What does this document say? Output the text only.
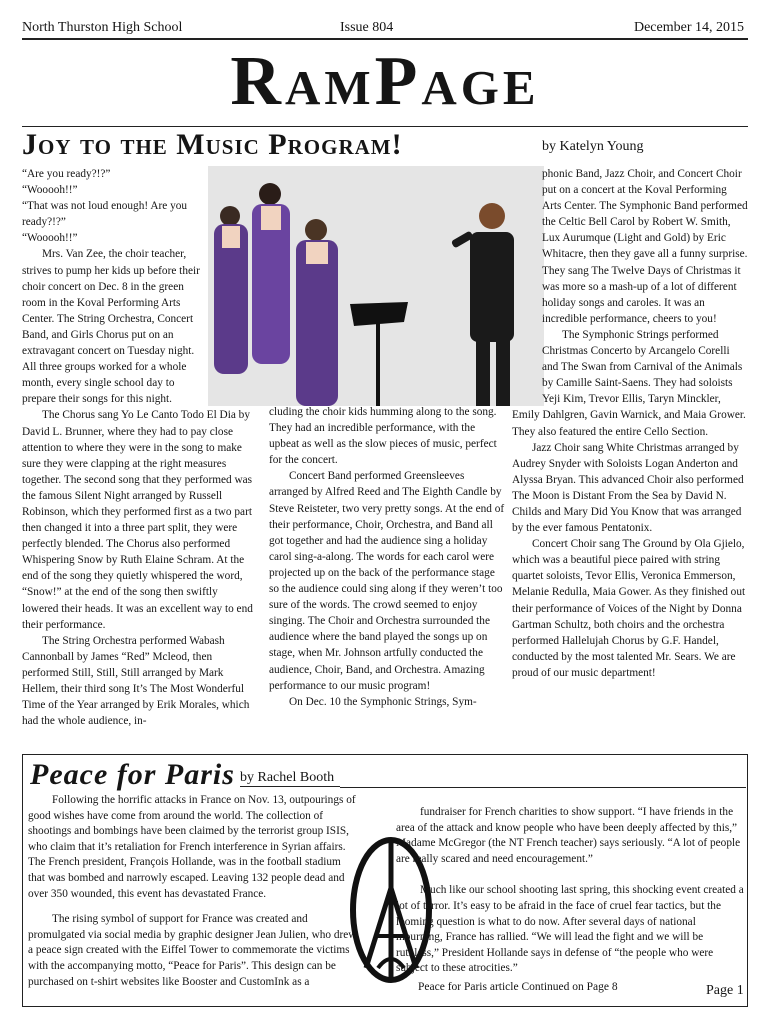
North Thurston High School	Issue 804	December 14, 2015
RamPage
Joy to the Music Program!	by Katelyn Young

“Are you ready?!?”

“Wooooh!!”

“That was not loud enough! Are you ready?!?”

“Wooooh!!”

Mrs. Van Zee, the choir teacher, strives to pump her kids up before their choir concert on Dec. 8 in the green room in the Koval Performing Arts Center. The String Orchestra, Concert Band, and Girls Chorus put on an extravagant concert on Tuesday night. All three groups worked for a whole month, every single school day to prepare their songs for this night.

The Chorus sang Yo Le Canto Todo El Dia by David L. Brunner, where they had to pay close attention to where they were in the song to make sure they were clapping at the right measures together. The second song that they performed was the famous Silent Night arranged by Russell Robinson, which they performed first as a two part then changed it into a three part split, they were perfectly blended. The Chorus also performed Whispering Snow by Ruth Elaine Schram. At the end of the song they quietly whispered the word, “Snow!” at the end of the song then swiftly lowered their heads. It was an excellent way to end their performance.

The String Orchestra performed Wabash Cannonball by James “Red” Mcleod, then performed Still, Still, Still arranged by Mark Hellem, their third song It’s The Most Wonderful Time of the Year arranged by Erik Morales, which had the whole audience, in-

cluding the choir kids humming along to the song. They had an incredible performance, with the upbeat as well as the slow pieces of music, perfect for the concert.

Concert Band performed Greensleeves arranged by Alfred Reed and The Eighth Candle by Steve Reisteter, two very pretty songs. At the end of their performance, Choir, Orchestra, and Band all got together and had the audience sing a holiday carol sing-a-along. The words for each carol were projected up on the back of the performance stage so the audience could sing along if they weren’t too sure of the words. The crowd seemed to enjoy singing. The Choir and Orchestra surrounded the audience where the band played the songs up on stage, when Mr. Johnson artfully conducted the audience, Choir, Band, and Orchestra. Amazing performance to our music program!

On Dec. 10 the Symphonic Strings, Sym-

phonic Band, Jazz Choir, and Concert Choir put on a concert at the Koval Performing Arts Center. The Symphonic Band performed the Celtic Bell Carol by Robert W. Smith, Lux Aurumque (Light and Gold) by Eric Whitacre, then they gave all a funny surprise. They sang The Twelve Days of Christmas it was more so a mash-up of a lot of different holiday songs and caroles. It was an incredible performance, cheers to you!

The Symphonic Strings performed Christmas Concerto by Arcangelo Corelli and The Swan from Carnival of the Animals by Camille Saint-Saens. They had soloists Yeji Kim, Trevor Ellis, Taryn Minckler, Emily Dahlgren, Gavin Warnick, and Maia Grower. They also featured the entire Cello Section.

Jazz Choir sang White Christmas arranged by Audrey Snyder with Soloists Logan Anderton and Alyssa Bryan. This advanced Choir also performed The Moon is Distant From the Sea by David N. Childs and Mary Did You Know that was arranged by the ever famous Pentatonix.

Concert Choir sang The Ground by Ola Gjielo, which was a beautiful piece paired with string quartet soloists, Tevor Ellis, Veronica Emmerson, Melanie Redulla, Maia Gower. As they finished out their performance of Voices of the Night by Donna Gartman Schultz, both choirs and the orchestra performed Hallelujah Chorus by G.F. Handel, conducted by the most talented Mr. Sears. We are proud of our music department!

Peace for Paris by Rachel Booth

Following the horrific attacks in France on Nov. 13, outpourings of good wishes have come from around the world. The collection of shootings and bombings have been claimed by the terrorist group ISIS, who claim that it’s retaliation for French interference in Syrian affairs. The French president, François Hollande, was in the football stadium that was bombed and narrowly escaped. Leaving 132 people dead and over 350 wounded, this event has devastated France.

The rising symbol of support for France was created and promulgated via social media by graphic designer Jean Julien, who drew a peace sign created with the Eiffel Tower to commemorate the victims with the accompanying motto, “Peace for Paris”. This design can be purchased on t-shirt websites like Booster and CustomInk as a

fundraiser for French charities to show support. “I have friends in the area of the attack and know people who have been deeply affected by this,” Madame McGregor (the NT French teacher) says seriously. “A lot of people are really scared and need encouragement.”

Much like our school shooting last spring, this shocking event created a lot of terror. It’s easy to be afraid in the face of cruel fear tactics, but the looming question is what to do now. After several days of national mourning, France has rallied. “We will lead the fight and we will be ruthless,” President Hollande says in defense of “the people who were subject to these atrocities.”

Peace for Paris article Continued on Page 8	Page 1
